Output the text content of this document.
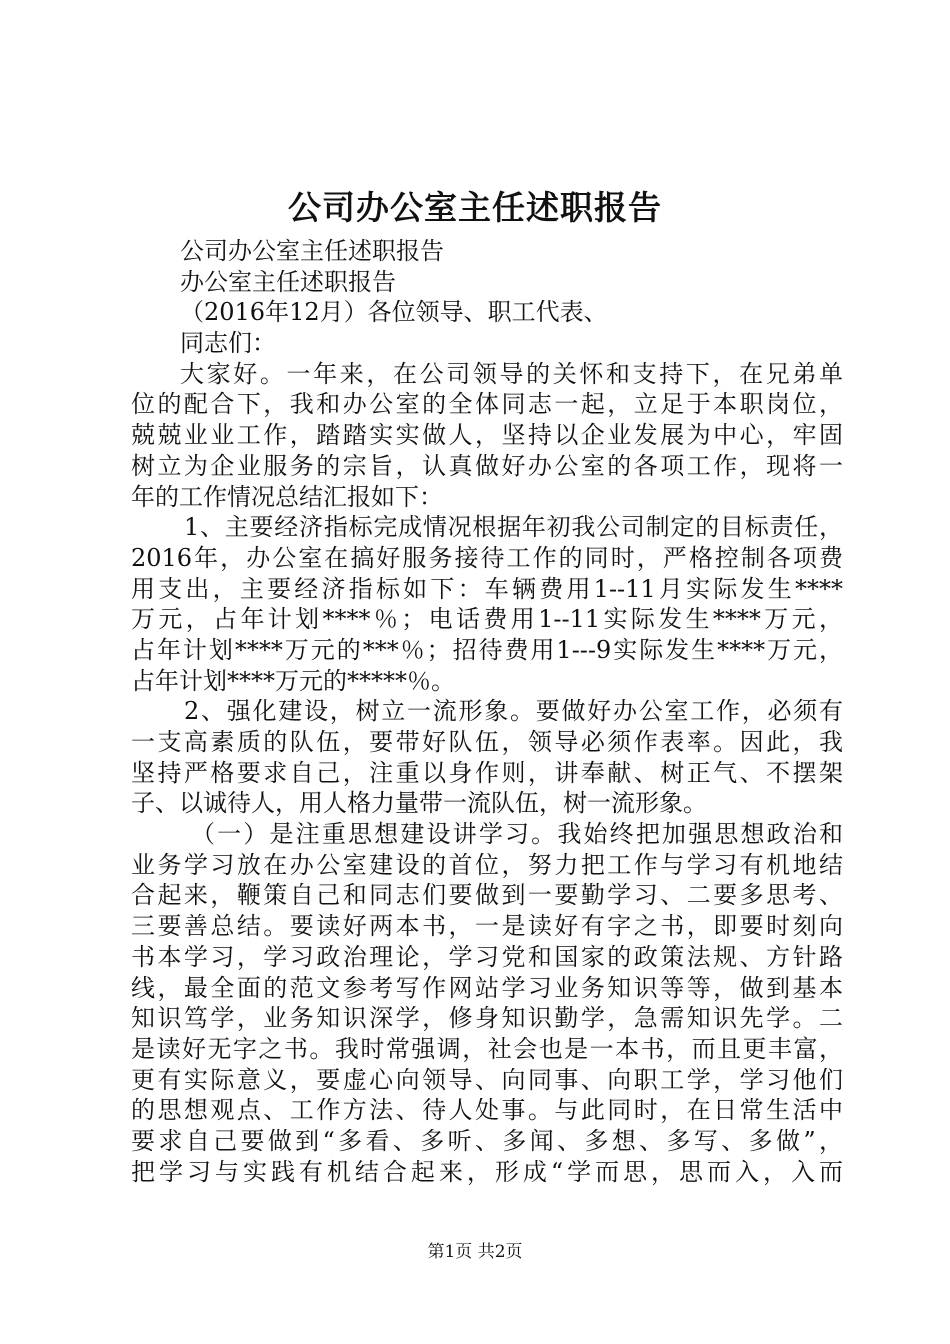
公司办公室主任述职报告
公司办公室主任述职报告
办公室主任述职报告
（2016年12月）各位领导、职工代表、
同志们：
大家好。一年来，在公司领导的关怀和支持下，在兄弟单
位的配合下，我和办公室的全体同志一起，立足于本职岗位，
兢兢业业工作，踏踏实实做人，坚持以企业发展为中心，牢固
树立为企业服务的宗旨，认真做好办公室的各项工作，现将一
年的工作情况总结汇报如下：
1、主要经济指标完成情况根据年初我公司制定的目标责任，
2016年，办公室在搞好服务接待工作的同时，严格控制各项费
用支出，主要经济指标如下：车辆费用1--11月实际发生****
万元，占年计划****％；电话费用1--11实际发生****万元，
占年计划****万元的***％；招待费用1---9实际发生****万元，
占年计划****万元的*****％。
2、强化建设，树立一流形象。要做好办公室工作，必须有
一支高素质的队伍，要带好队伍，领导必须作表率。因此，我
坚持严格要求自己，注重以身作则，讲奉献、树正气、不摆架
子、以诚待人，用人格力量带一流队伍，树一流形象。
（一）是注重思想建设讲学习。我始终把加强思想政治和
业务学习放在办公室建设的首位，努力把工作与学习有机地结
合起来，鞭策自己和同志们要做到一要勤学习、二要多思考、
三要善总结。要读好两本书，一是读好有字之书，即要时刻向
书本学习，学习政治理论，学习党和国家的政策法规、方针路
线，最全面的范文参考写作网站学习业务知识等等，做到基本
知识笃学，业务知识深学，修身知识勤学，急需知识先学。二
是读好无字之书。我时常强调，社会也是一本书，而且更丰富，
更有实际意义，要虚心向领导、向同事、向职工学，学习他们
的思想观点、工作方法、待人处事。与此同时，在日常生活中
要求自己要做到“多看、多听、多闻、多想、多写、多做”，
把学习与实践有机结合起来，形成“学而思，思而入，入而
第1页 共2页
